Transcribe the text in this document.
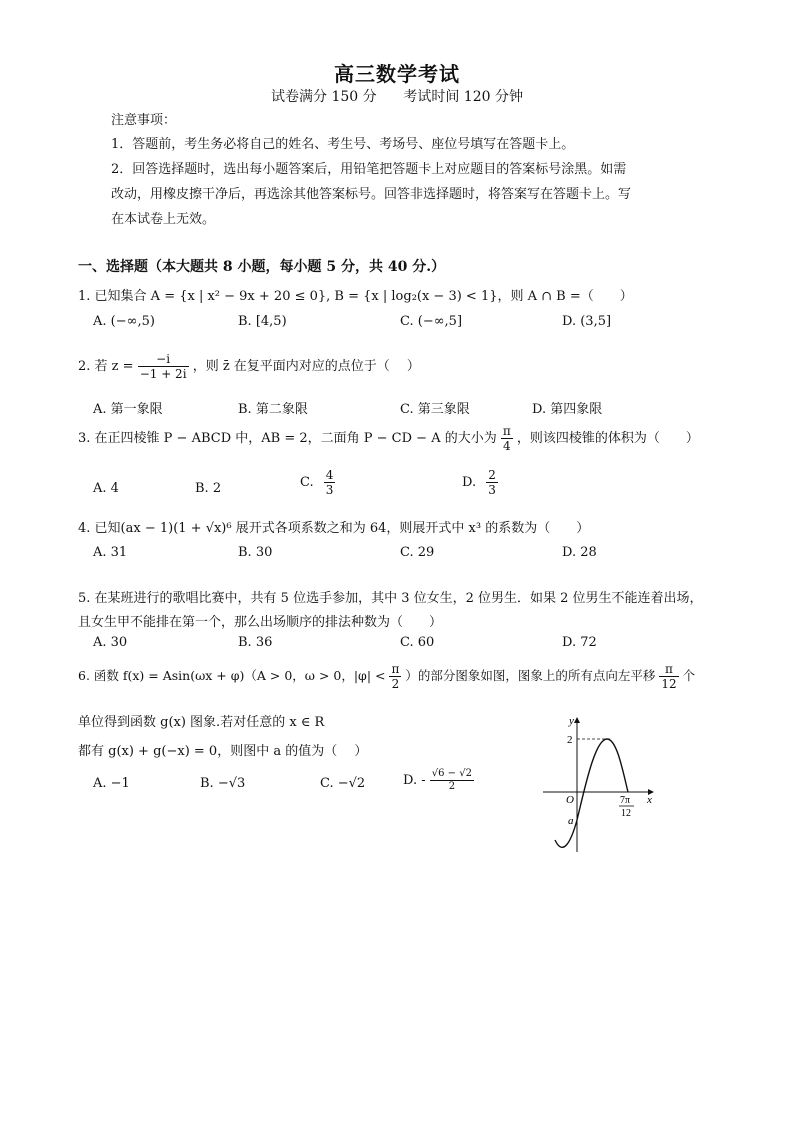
高三数学考试
试卷满分 150 分      考试时间 120 分钟
注意事项：
1．答题前，考生务必将自己的姓名、考生号、考场号、座位号填写在答题卡上。
2．回答选择题时，选出每小题答案后，用铅笔把答题卡上对应题目的答案标号涂黑。如需
改动，用橡皮擦干净后，再选涂其他答案标号。回答非选择题时，将答案写在答题卡上。写
在本试卷上无效。
一、选择题（本大题共 8 小题，每小题 5 分，共 40 分.）
1. 已知集合 A = {x | x² − 9x + 20 ≤ 0}, B = {x | log₂(x − 3) < 1}，则 A ∩ B =（　　）
A. (−∞,5)	B. [4,5)	C. (−∞,5]	D. (3,5]
2. 若 $z = \frac{-i}{-1 + 2i}$ ，则 z̄ 在复平面内对应的点位于（　 ）
A. 第一象限	B. 第二象限	C. 第三象限	D. 第四象限
3. 在正四棱锥 P − ABCD 中，AB = 2，二面角 P − CD − A 的大小为 $\frac{\pi}{4}$ ，则该四棱锥的体积为（　　）
A. 4	B. 2	C. $\frac{4}{3}$	D. $\frac{2}{3}$
4. 已知(ax − 1)(1 + √x)⁶ 展开式各项系数之和为 64，则展开式中 x³ 的系数为（　　）
A. 31	B. 30	C. 29	D. 28
5. 在某班进行的歌唱比赛中，共有 5 位选手参加，其中 3 位女生，2 位男生．如果 2 位男生不能连着出场，
且女生甲不能排在第一个，那么出场顺序的排法种数为（　　）
A. 30	B. 36	C. 60	D. 72
6. 函数 f(x) = Asin(ωx + φ)（A > 0，ω > 0，$|\varphi| < \frac{\pi}{2}$ ）的部分图象如图，图象上的所有点向左平移 $\frac{\pi}{12}$ 个
单位得到函数 g(x) 图象.若对任意的 x ∈ R
都有 g(x) + g(−x) = 0，则图中 a 的值为（　 ）
A. −1	B. −√3	C. −√2	D. - $\frac{√6 - √2}{2}$
y
x
O
2
a
7π
12
